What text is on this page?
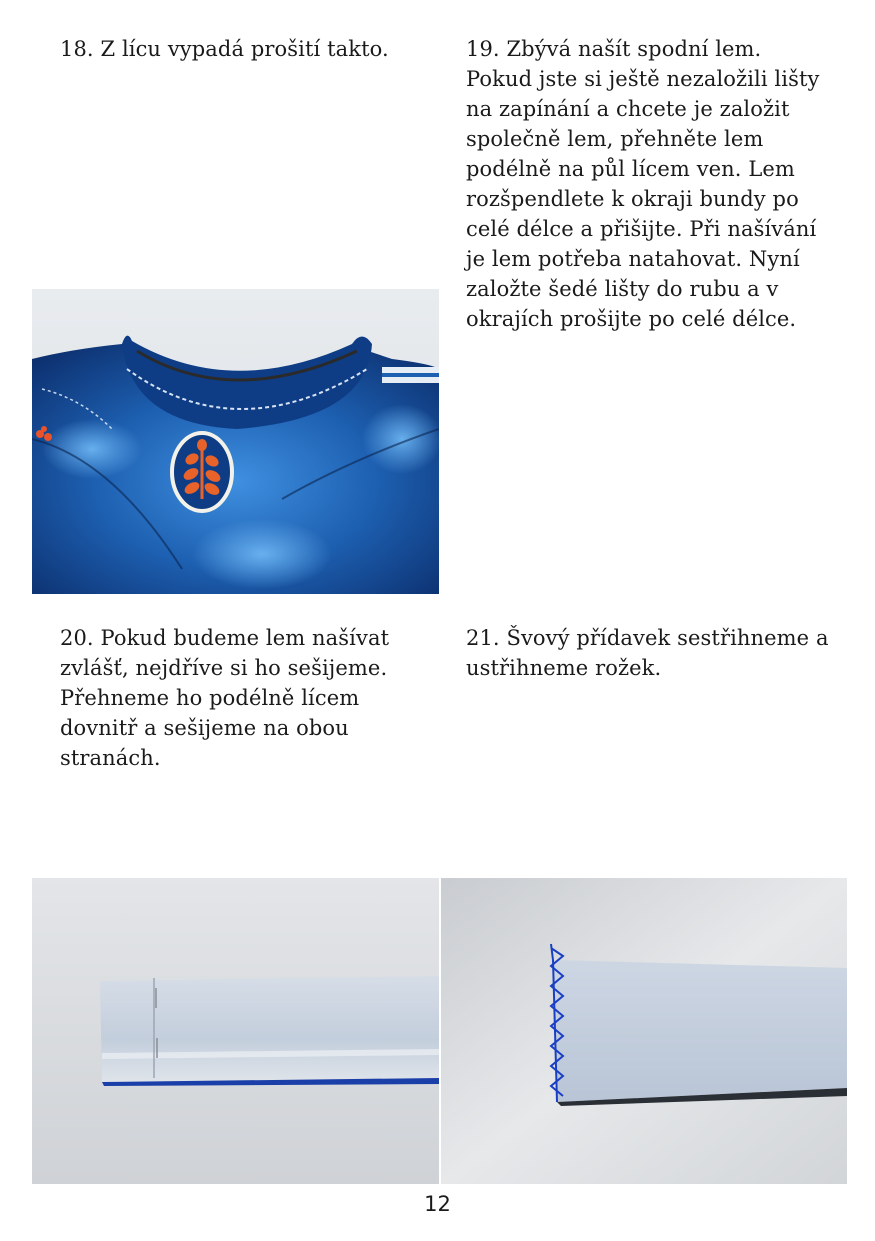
18. Z lícu vypadá prošití takto.	19. Zbývá našít spodní lem.
Pokud jste si ještě nezaložili lišty
na zapínání a chcete je založit
společně lem, přehněte lem
podélně na půl lícem ven. Lem
rozšpendlete k okraji bundy po
celé délce a přišijte. Při našívání
je lem potřeba natahovat. Nyní
založte šedé lišty do rubu a v
okrajích prošijte po celé délce.

20. Pokud budeme lem našívat
zvlášť, nejdříve si ho sešijeme.
Přehneme ho podélně lícem
dovnitř a sešijeme na obou
stranách.

21. Švový přídavek sestřihneme a
ustřihneme rožek.

12
